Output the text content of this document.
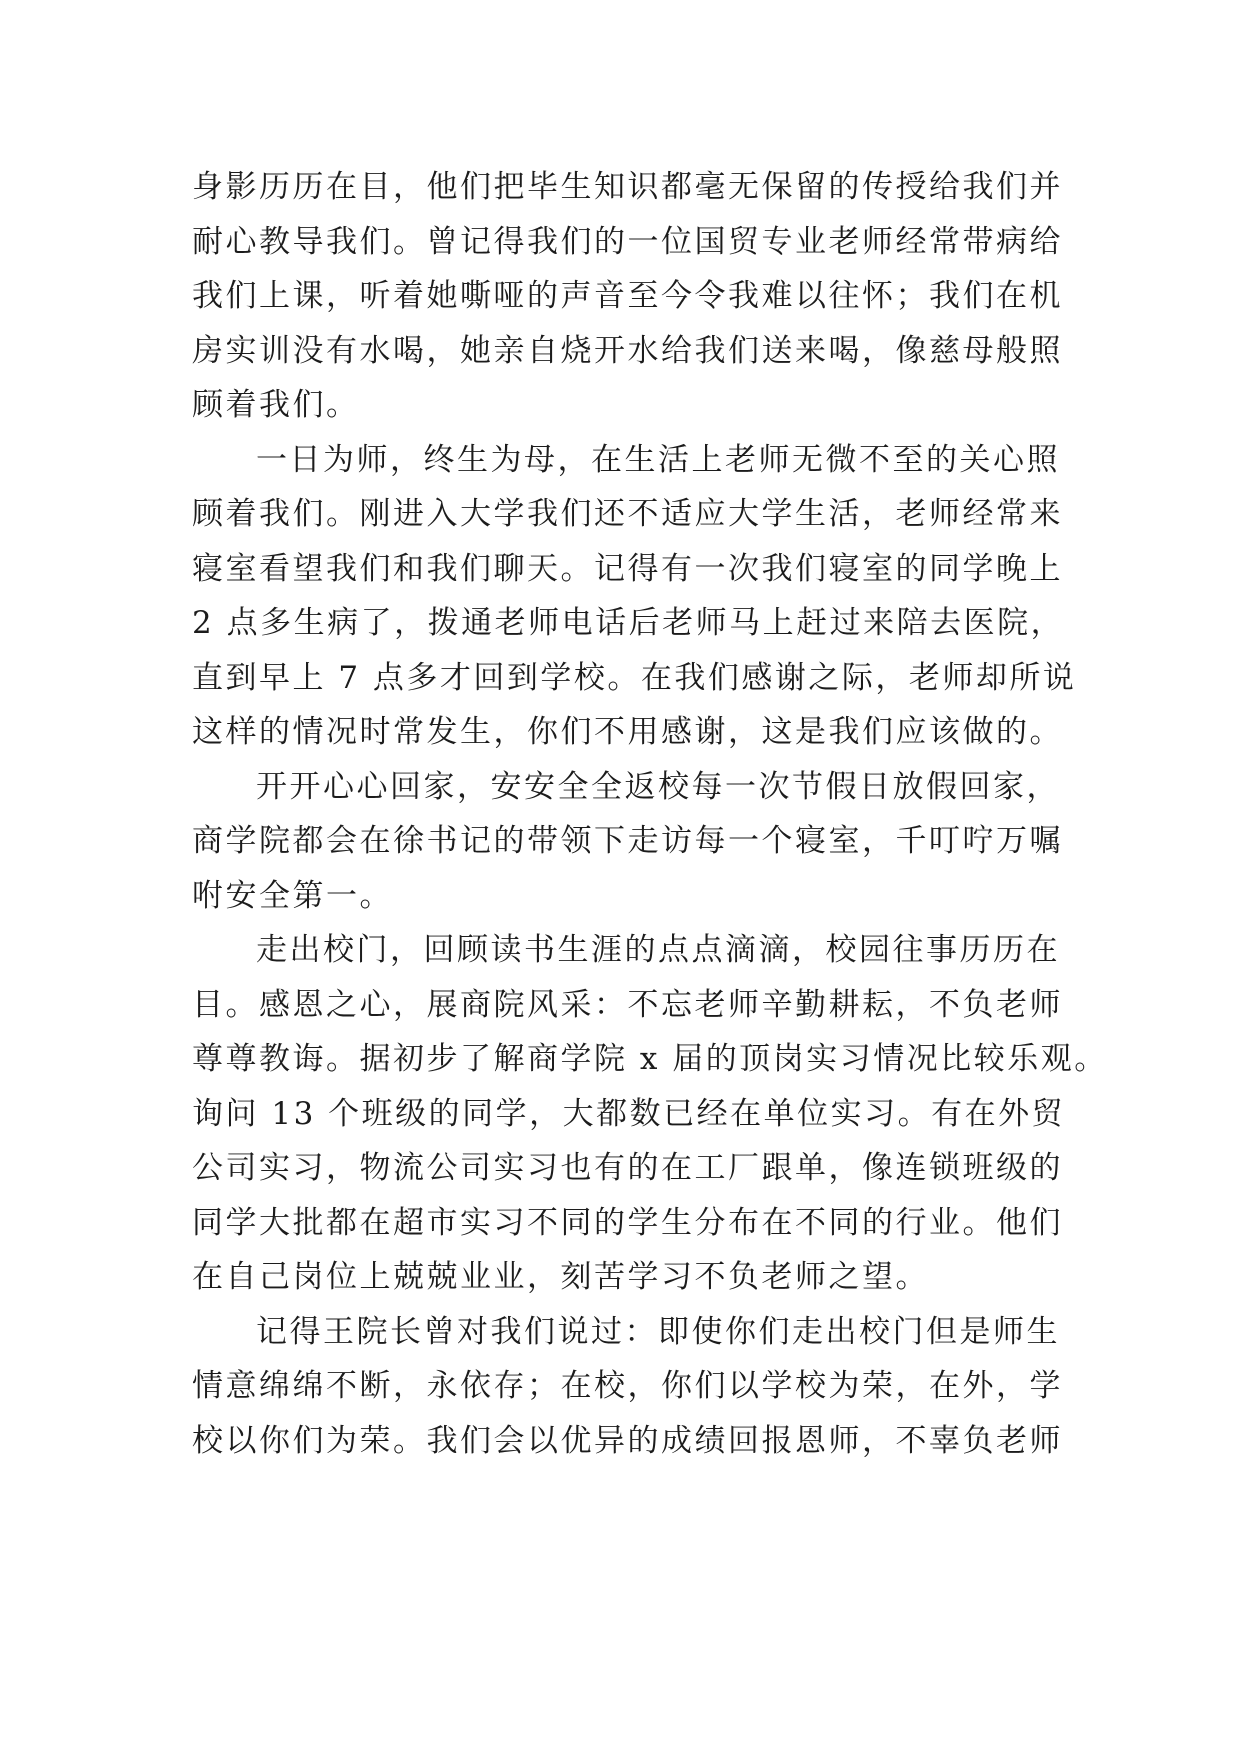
身影历历在目，他们把毕生知识都毫无保留的传授给我们并
耐心教导我们。曾记得我们的一位国贸专业老师经常带病给
我们上课，听着她嘶哑的声音至今令我难以往怀；我们在机
房实训没有水喝，她亲自烧开水给我们送来喝，像慈母般照
顾着我们。
一日为师，终生为母，在生活上老师无微不至的关心照
顾着我们。刚进入大学我们还不适应大学生活，老师经常来
寝室看望我们和我们聊天。记得有一次我们寝室的同学晚上
2 点多生病了，拨通老师电话后老师马上赶过来陪去医院，
直到早上 7 点多才回到学校。在我们感谢之际，老师却所说
这样的情况时常发生，你们不用感谢，这是我们应该做的。
开开心心回家，安安全全返校每一次节假日放假回家，
商学院都会在徐书记的带领下走访每一个寝室，千叮咛万嘱
咐安全第一。
走出校门，回顾读书生涯的点点滴滴，校园往事历历在
目。感恩之心，展商院风采：不忘老师辛勤耕耘，不负老师
尊尊教诲。据初步了解商学院 x 届的顶岗实习情况比较乐观。
询问 13 个班级的同学，大都数已经在单位实习。有在外贸
公司实习，物流公司实习也有的在工厂跟单，像连锁班级的
同学大批都在超市实习不同的学生分布在不同的行业。他们
在自己岗位上兢兢业业，刻苦学习不负老师之望。
记得王院长曾对我们说过：即使你们走出校门但是师生
情意绵绵不断，永依存；在校，你们以学校为荣，在外，学
校以你们为荣。我们会以优异的成绩回报恩师，不辜负老师
